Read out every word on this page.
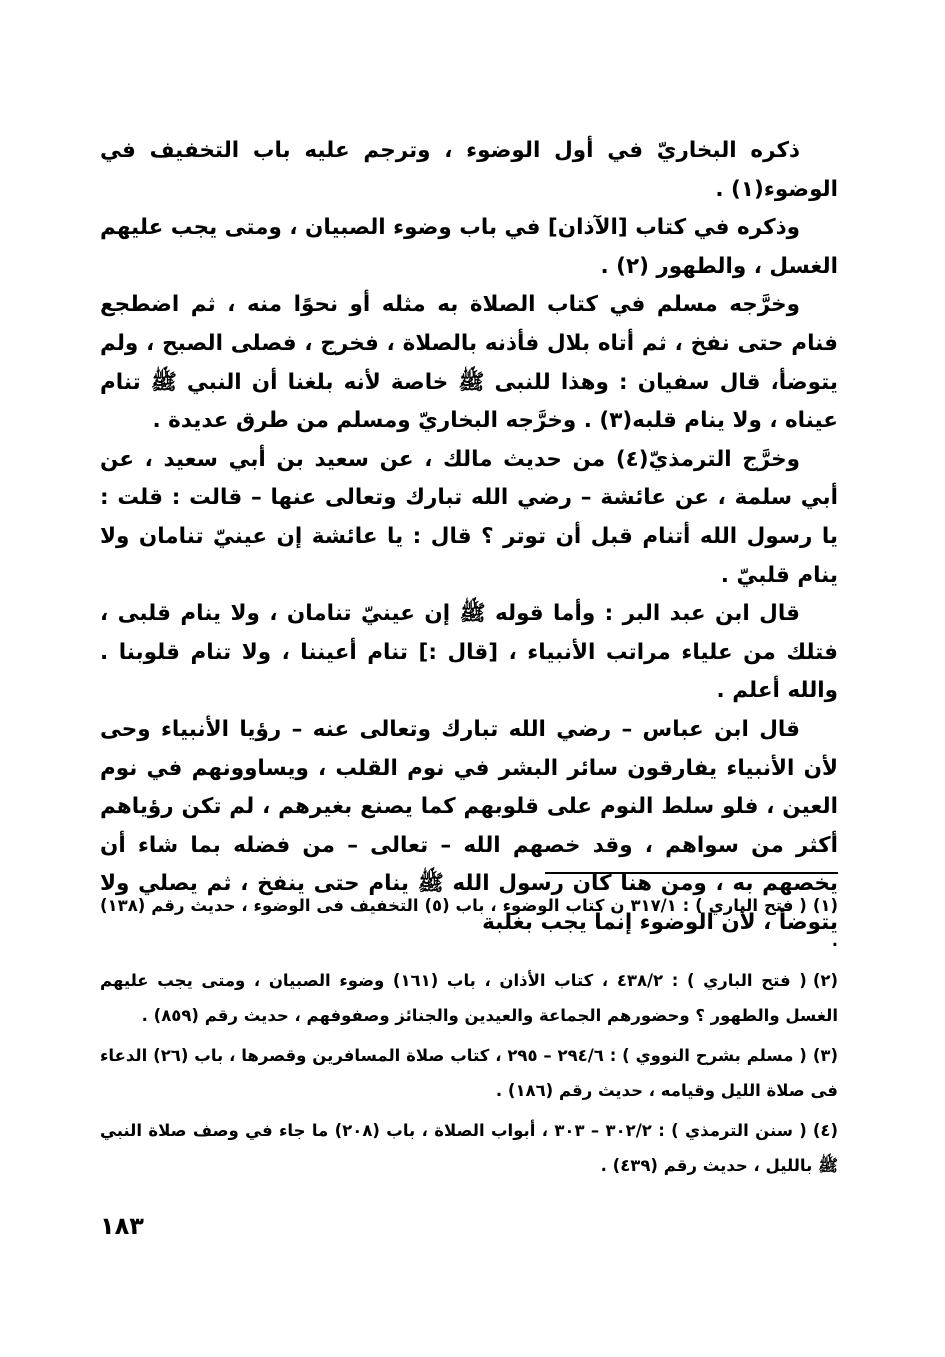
ذكره البخاريّ في أول الوضوء ، وترجم عليه باب التخفيف في الوضوء(١) .

وذكره في كتاب [الآذان] في باب وضوء الصبيان ، ومتى يجب عليهم الغسل ، والطهور (٢) .

وخرَّجه مسلم في كتاب الصلاة به مثله أو نحوًا منه ، ثم اضطجع فنام حتى نفخ ، ثم أتاه بلال فأذنه بالصلاة ، فخرج ، فصلى الصبح ، ولم يتوضأ، قال سفيان : وهذا للنبى ﷺ خاصة لأنه بلغنا أن النبي ﷺ تنام عيناه ، ولا ينام قلبه(٣) . وخرَّجه البخاريّ ومسلم من طرق عديدة .

وخرَّج الترمذيّ(٤) من حديث مالك ، عن سعيد بن أبي سعيد ، عن أبي سلمة ، عن عائشة – رضي الله تبارك وتعالى عنها – قالت : قلت : يا رسول الله أتنام قبل أن توتر ؟ قال : يا عائشة إن عينيّ تنامان ولا ينام قلبيّ .

قال ابن عبد البر : وأما قوله ﷺ إن عينيّ تنامان ، ولا ينام قلبى ، فتلك من علياء مراتب الأنبياء ، [قال :] تنام أعيننا ، ولا تنام قلوبنا . والله أعلم .

قال ابن عباس – رضي الله تبارك وتعالى عنه – رؤيا الأنبياء وحى لأن الأنبياء يفارقون سائر البشر في نوم القلب ، ويساوونهم في نوم العين ، فلو سلط النوم على قلوبهم كما يصنع بغيرهم ، لم تكن رؤياهم أكثر من سواهم ، وقد خصهم الله – تعالى – من فضله بما شاء أن يخصهم به ، ومن هنا كان رسول الله ﷺ ينام حتى ينفخ ، ثم يصلي ولا يتوضأ ، لأن الوضوء إنما يجب بغلبة

(١)( فتح الباري ) : ٣١٧/١ ن كتاب الوضوء ، باب (٥) التخفيف فى الوضوء ، حديث رقم (١٣٨) .

(٢)( فتح الباري ) : ٤٣٨/٢ ، كتاب الأذان ، باب (١٦١) وضوء الصبيان ، ومتى يجب عليهم الغسل والطهور ؟ وحضورهم الجماعة والعيدين والجنائز وصفوفهم ، حديث رقم (٨٥٩) .

(٣)( مسلم بشرح النووي ) : ٢٩٤/٦ – ٢٩٥ ، كتاب صلاة المسافرين وقصرها ، باب (٢٦) الدعاء فى صلاة الليل وقيامه ، حديث رقم (١٨٦) .

(٤)( سنن الترمذي ) : ٣٠٢/٢ – ٣٠٣ ، أبواب الصلاة ، باب (٢٠٨) ما جاء في وصف صلاة النبي ﷺ بالليل ، حديث رقم (٤٣٩) .

١٨٣
